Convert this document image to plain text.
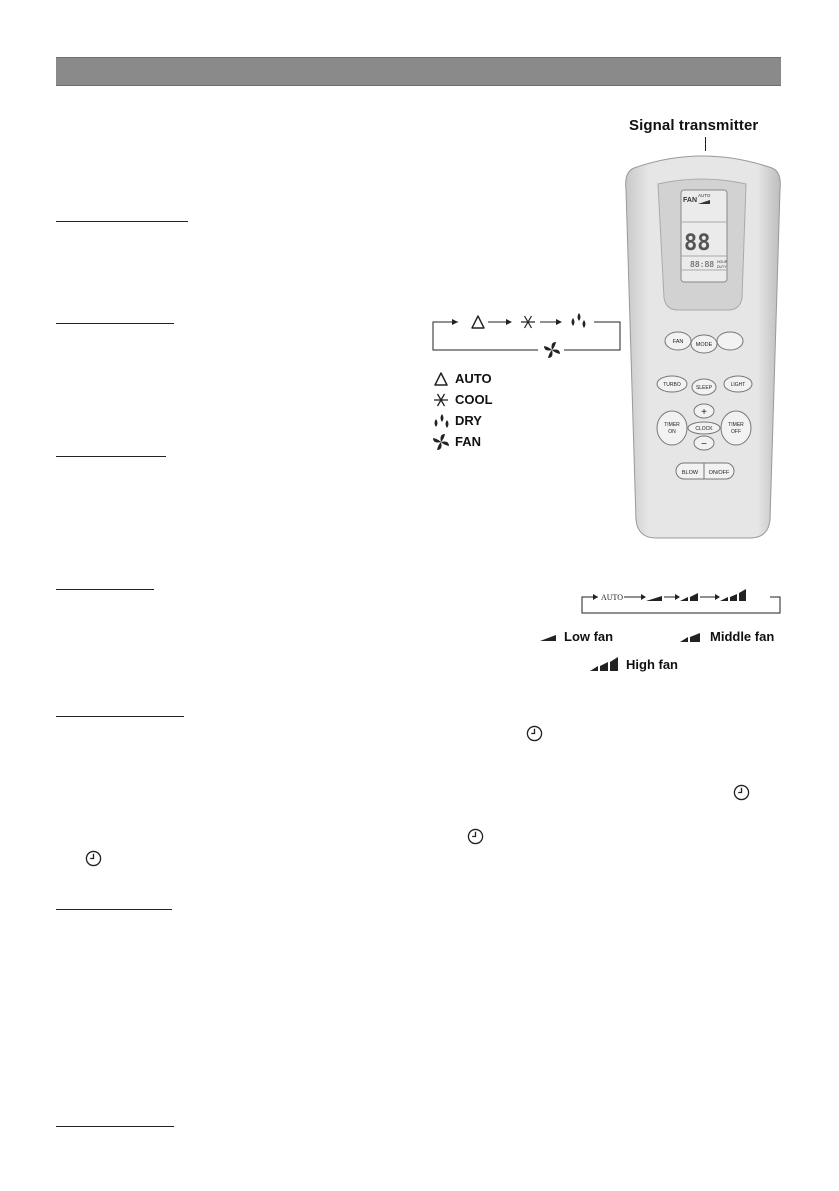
Signal transmitter
FAN
AUTO
88
88:88 HOUR
DUTY
FAN MODE
TURBO	SLEEP	LIGHT
TIMER
ON
+
CLOCK
−
TIMER
OFF
BLOW ON/OFF
AUTO
COOL
DRY
FAN
AUTO
Low fan	Middle fan
High fan
